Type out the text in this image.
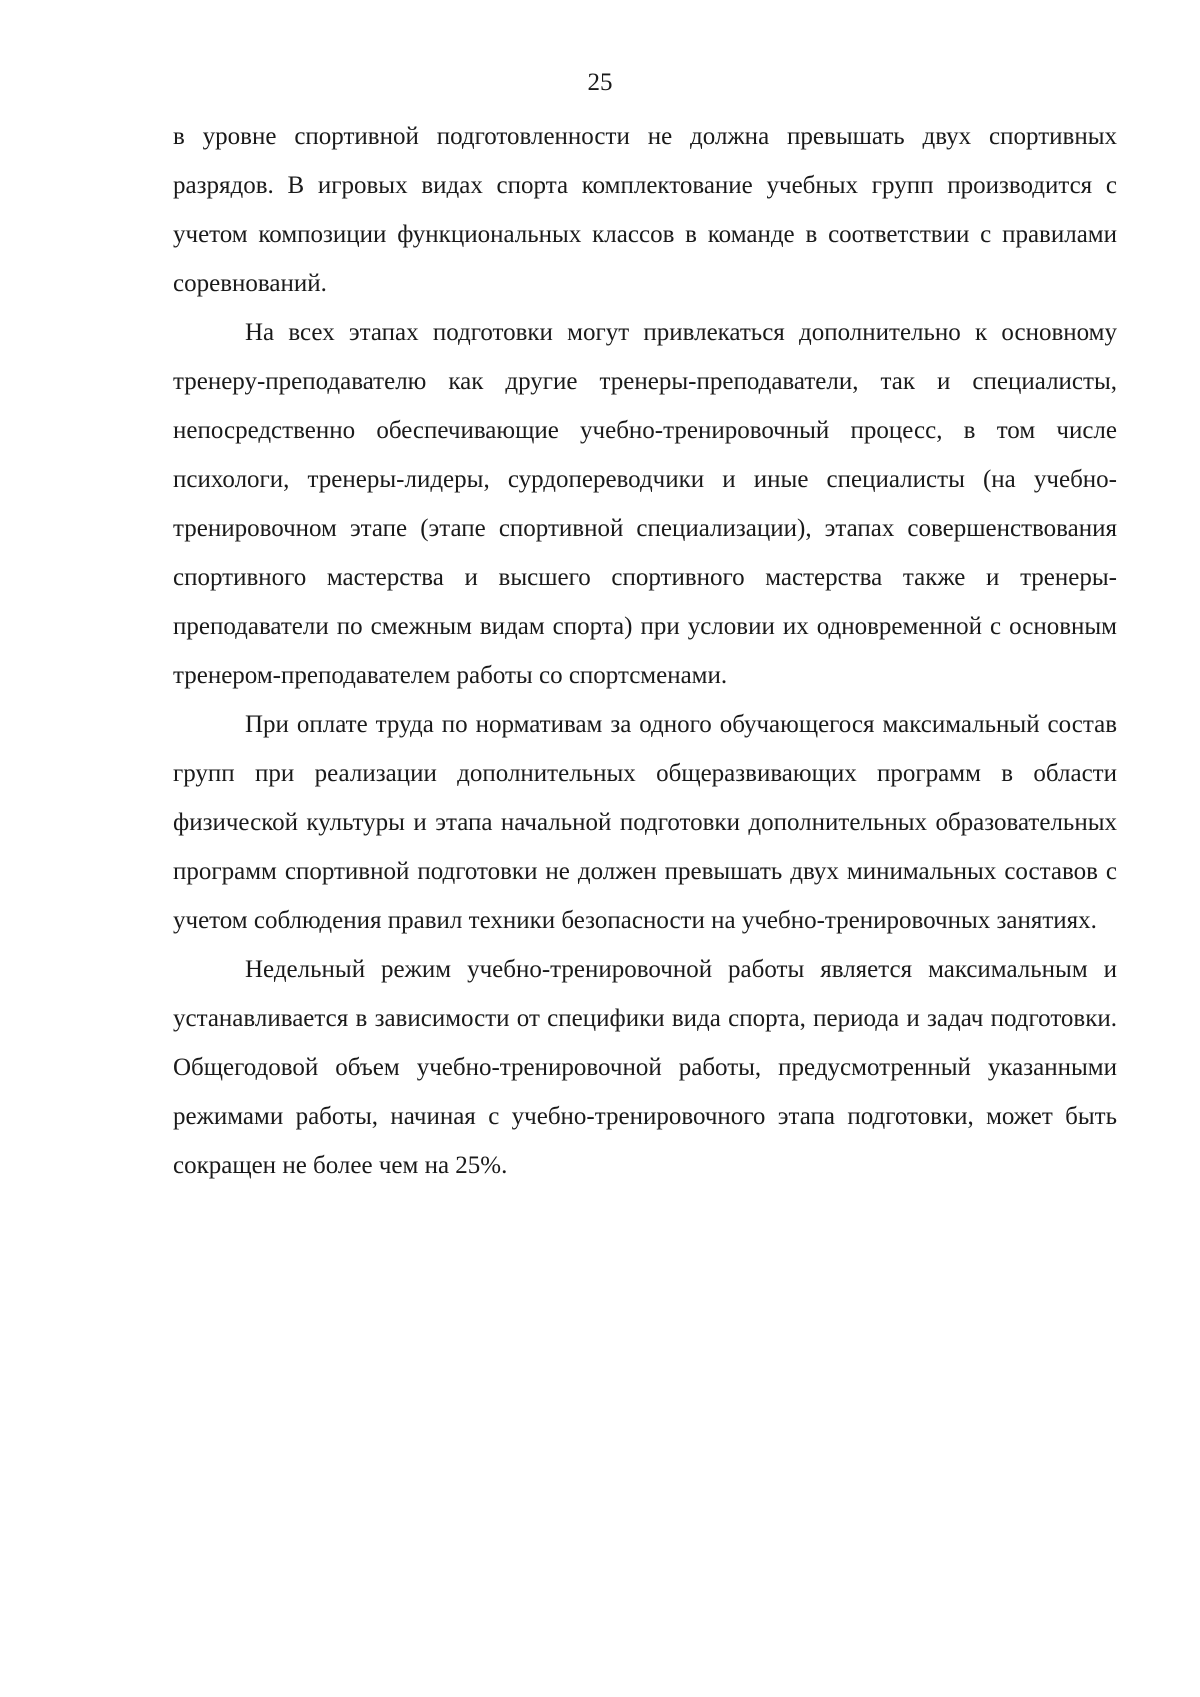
25

в уровне спортивной подготовленности не должна превышать двух спортивных разрядов. В игровых видах спорта комплектование учебных групп производится с учетом композиции функциональных классов в команде в соответствии с правилами соревнований.

На всех этапах подготовки могут привлекаться дополнительно к основному тренеру-преподавателю как другие тренеры-преподаватели, так и специалисты, непосредственно обеспечивающие учебно-тренировочный процесс, в том числе психологи, тренеры-лидеры, сурдопереводчики и иные специалисты (на учебно-тренировочном этапе (этапе спортивной специализации), этапах совершенствования спортивного мастерства и высшего спортивного мастерства также и тренеры-преподаватели по смежным видам спорта) при условии их одновременной с основным тренером-преподавателем работы со спортсменами.

При оплате труда по нормативам за одного обучающегося максимальный состав групп при реализации дополнительных общеразвивающих программ в области физической культуры и этапа начальной подготовки дополнительных образовательных программ спортивной подготовки не должен превышать двух минимальных составов с учетом соблюдения правил техники безопасности на учебно-тренировочных занятиях.

Недельный режим учебно-тренировочной работы является максимальным и устанавливается в зависимости от специфики вида спорта, периода и задач подготовки. Общегодовой объем учебно-тренировочной работы, предусмотренный указанными режимами работы, начиная с учебно-тренировочного этапа подготовки, может быть сокращен не более чем на 25%.
